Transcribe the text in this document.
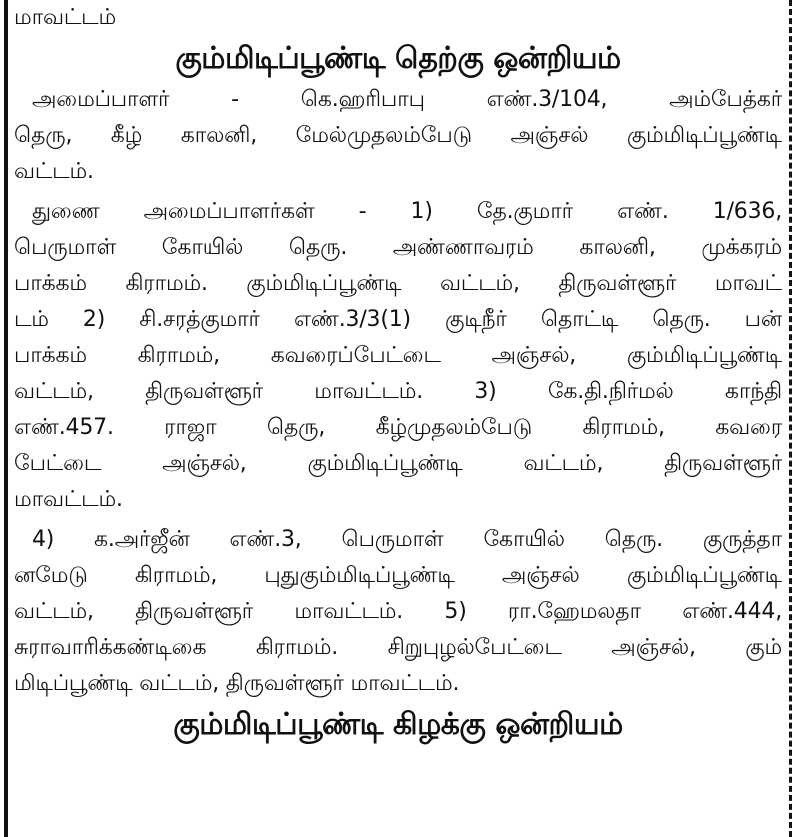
மாவட்டம்
கும்மிடிப்பூண்டி தெற்கு ஒன்றியம்
அமைப்பாளர் - கெ.ஹரிபாபு எண்.3/104, அம்பேத்கர்
தெரு, கீழ் காலனி, மேல்முதலம்பேடு அஞ்சல் கும்மிடிப்பூண்டி
வட்டம்.
துணை அமைப்பாளர்கள் - 1) தே.குமார் எண். 1/636,
பெருமாள் கோயில் தெரு. அண்ணாவரம் காலனி, முக்கரம்
பாக்கம் கிராமம். கும்மிடிப்பூண்டி வட்டம், திருவள்ளூர் மாவட்
டம் 2) சி.சரத்குமார் எண்.3/3(1) குடிநீர் தொட்டி தெரு. பன்
பாக்கம் கிராமம், கவரைப்பேட்டை அஞ்சல், கும்மிடிப்பூண்டி
வட்டம், திருவள்ளூர் மாவட்டம். 3) கே.தி.நிர்மல் காந்தி
எண்.457. ராஜா தெரு, கீழ்முதலம்பேடு கிராமம், கவரை
பேட்டை அஞ்சல், கும்மிடிப்பூண்டி வட்டம், திருவள்ளூர்
மாவட்டம்.
4) க.அர்ஜீன் எண்.3, பெருமாள் கோயில் தெரு. குருத்தா
னமேடு கிராமம், புதுகும்மிடிப்பூண்டி அஞ்சல் கும்மிடிப்பூண்டி
வட்டம், திருவள்ளூர் மாவட்டம். 5) ரா.ஹேமலதா எண்.444,
சுராவாரிக்கண்டிகை கிராமம். சிறுபுழல்பேட்டை அஞ்சல், கும்
மிடிப்பூண்டி வட்டம், திருவள்ளூர் மாவட்டம்.
கும்மிடிப்பூண்டி கிழக்கு ஒன்றியம்
